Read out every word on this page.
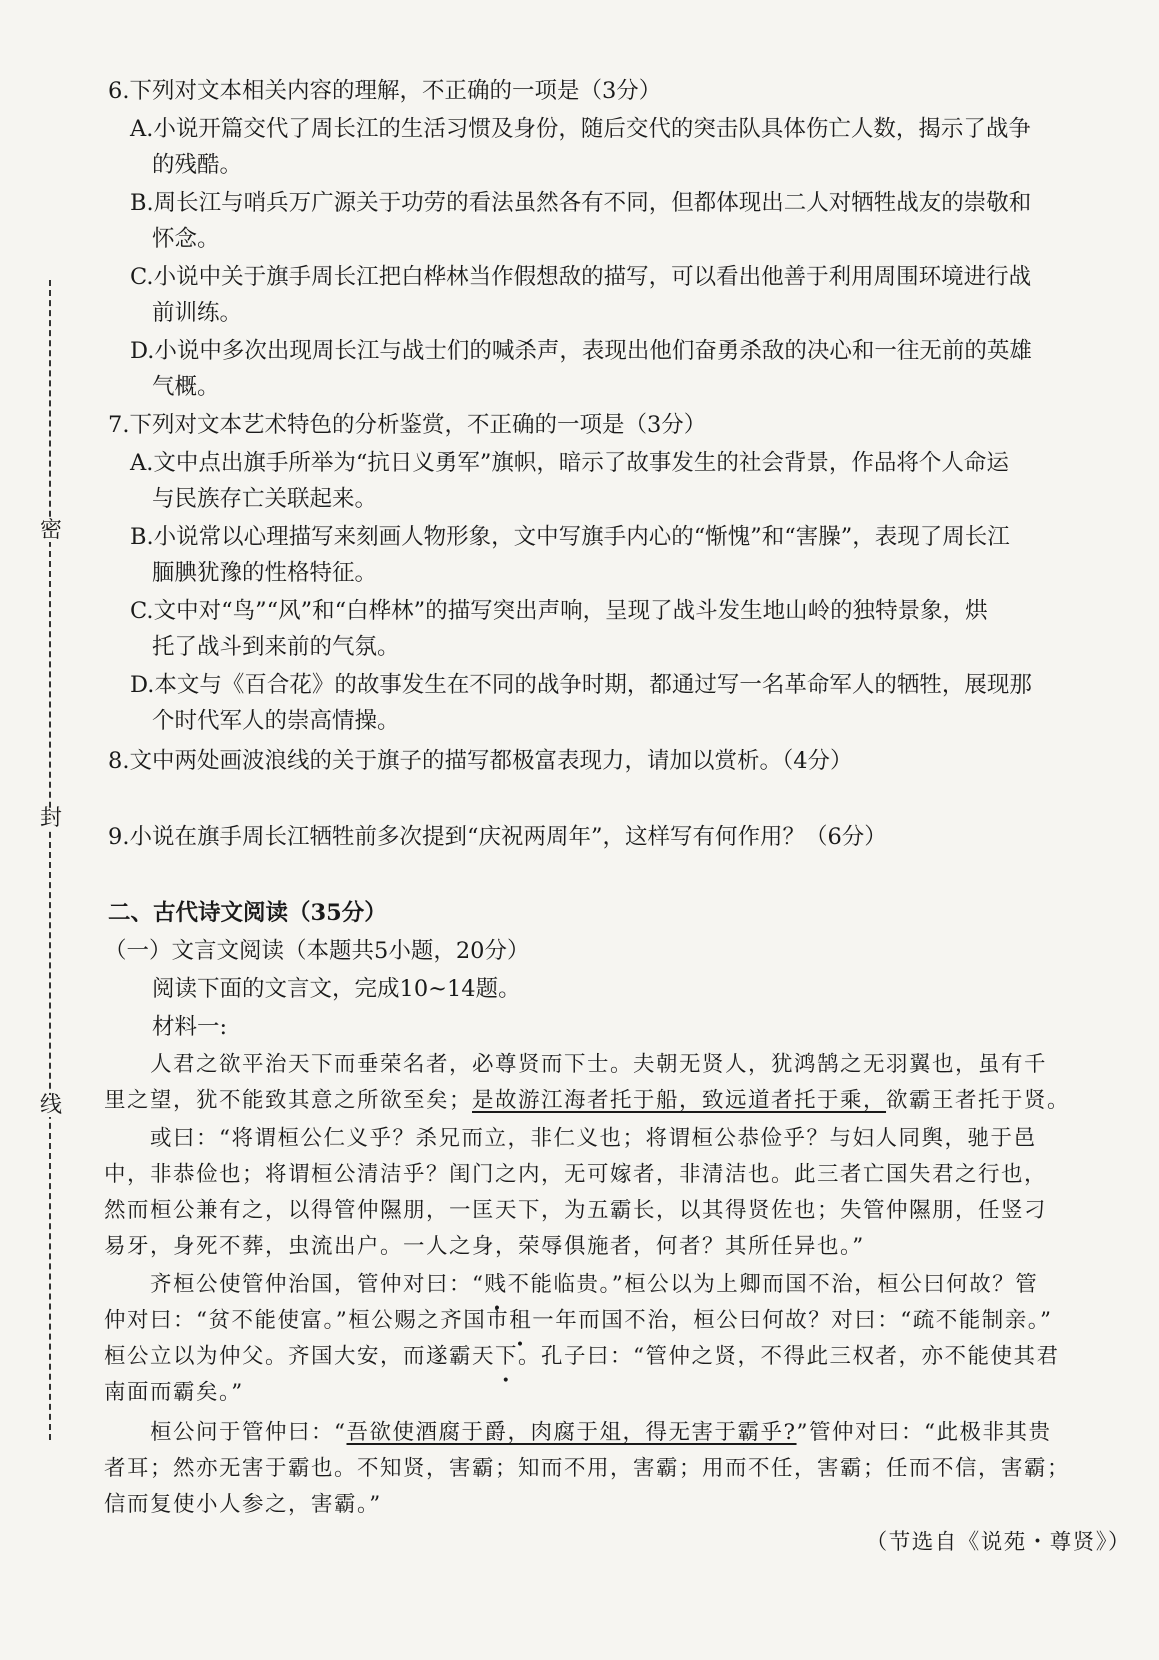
密
封
线
6.下列对文本相关内容的理解，不正确的一项是（3分）
A.小说开篇交代了周长江的生活习惯及身份，随后交代的突击队具体伤亡人数，揭示了战争
的残酷。
B.周长江与哨兵万广源关于功劳的看法虽然各有不同，但都体现出二人对牺牲战友的崇敬和
怀念。
C.小说中关于旗手周长江把白桦林当作假想敌的描写，可以看出他善于利用周围环境进行战
前训练。
D.小说中多次出现周长江与战士们的喊杀声，表现出他们奋勇杀敌的决心和一往无前的英雄
气概。
7.下列对文本艺术特色的分析鉴赏，不正确的一项是（3分）
A.文中点出旗手所举为“抗日义勇军”旗帜，暗示了故事发生的社会背景，作品将个人命运
与民族存亡关联起来。
B.小说常以心理描写来刻画人物形象，文中写旗手内心的“惭愧”和“害臊”，表现了周长江
腼腆犹豫的性格特征。
C.文中对“鸟”“风”和“白桦林”的描写突出声响，呈现了战斗发生地山岭的独特景象，烘
托了战斗到来前的气氛。
D.本文与《百合花》的故事发生在不同的战争时期，都通过写一名革命军人的牺牲，展现那
个时代军人的崇高情操。
8.文中两处画波浪线的关于旗子的描写都极富表现力，请加以赏析。（4分）
9.小说在旗手周长江牺牲前多次提到“庆祝两周年”，这样写有何作用？（6分）
二、古代诗文阅读（35分）
（一）文言文阅读（本题共5小题，20分）
阅读下面的文言文，完成10~14题。
材料一:
人君之欲平治天下而垂荣名者，必尊贤而下士。夫朝无贤人，犹鸿鹄之无羽翼也，虽有千
里之望，犹不能致其意之所欲至矣；是故游江海者托于船，致远道者托于乘，欲霸王者托于贤。
或曰：“将谓桓公仁义乎？杀兄而立，非仁义也；将谓桓公恭俭乎？与妇人同舆，驰于邑
中，非恭俭也；将谓桓公清洁乎？闺门之内，无可嫁者，非清洁也。此三者亡国失君之行也，
然而桓公兼有之，以得管仲隰朋，一匡天下，为五霸长，以其得贤佐也；失管仲隰朋，任竖刁
易牙，身死不葬，虫流出户。一人之身，荣辱俱施者，何者？其所任异也。”
齐桓公使管仲治国，管仲对曰：“贱不能临贵。”桓公以为上卿而国不治，桓公曰何故？管
仲对曰：“贫不能使富。”桓公赐之齐国市租一年而国不治，桓公曰何故？对曰：“疏不能制亲。”
桓公立以为仲父。齐国大安，而遂霸天下。孔子曰：“管仲之贤，不得此三权者，亦不能使其君
南面而霸矣。”
桓公问于管仲曰：“吾欲使酒腐于爵，肉腐于俎，得无害于霸乎?”管仲对曰：“此极非其贵
者耳；然亦无害于霸也。不知贤，害霸；知而不用，害霸；用而不任，害霸；任而不信，害霸；
信而复使小人参之，害霸。”
（节选自《说苑・尊贤》）
